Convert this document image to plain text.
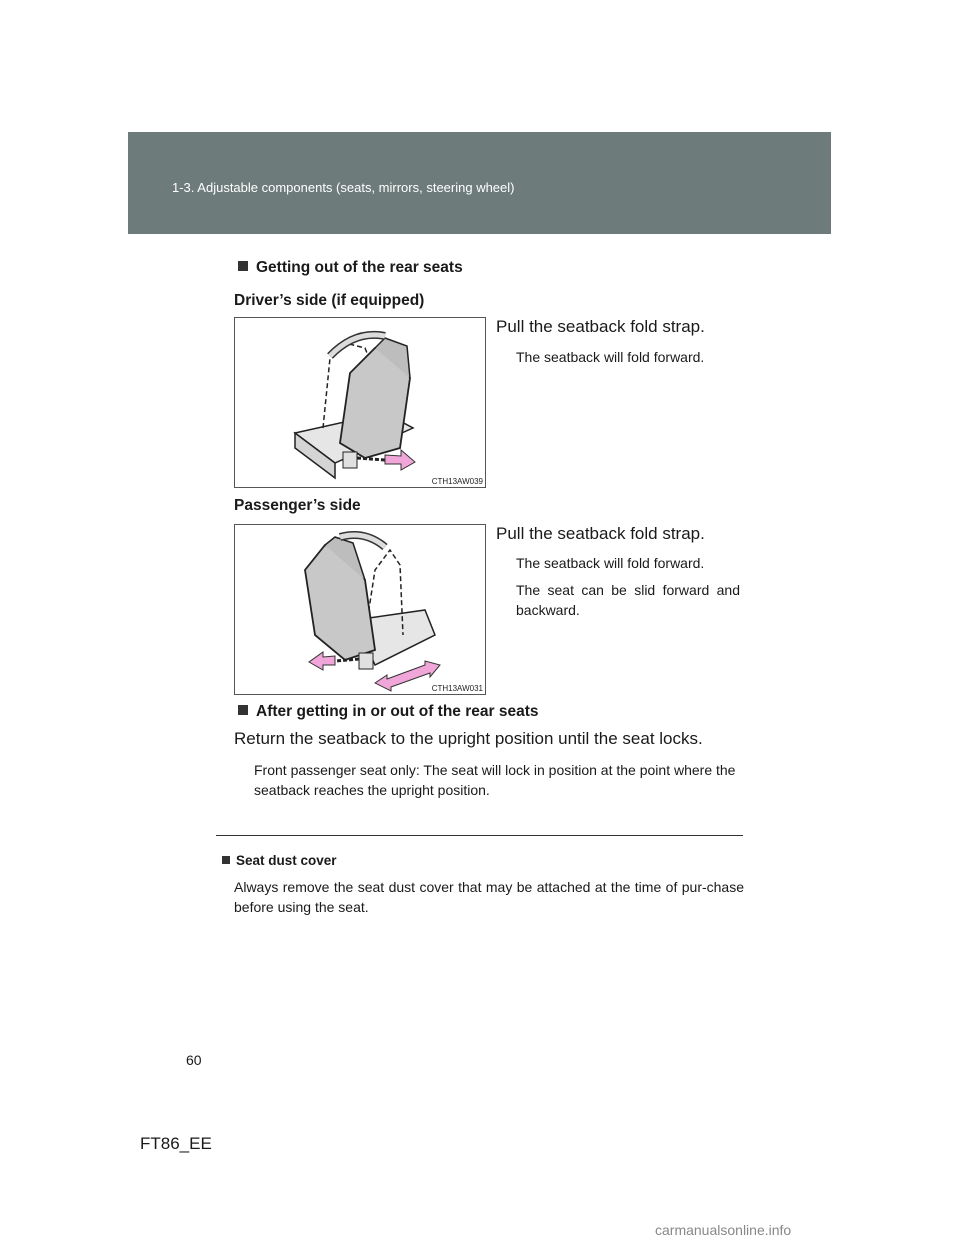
1-3. Adjustable components (seats, mirrors, steering wheel)
Getting out of the rear seats
Driver’s side (if equipped)
CTH13AW039
Pull the seatback fold strap.
The seatback will fold forward.
Passenger’s side
CTH13AW031
Pull the seatback fold strap.
The seatback will fold forward.
The seat can be slid forward and backward.
After getting in or out of the rear seats
Return the seatback to the upright position until the seat locks.
Front passenger seat only: The seat will lock in position at the point where the seatback reaches the upright position.
Seat dust cover
Always remove the seat dust cover that may be attached at the time of pur-chase before using the seat.
60
FT86_EE
carmanualsonline.info
